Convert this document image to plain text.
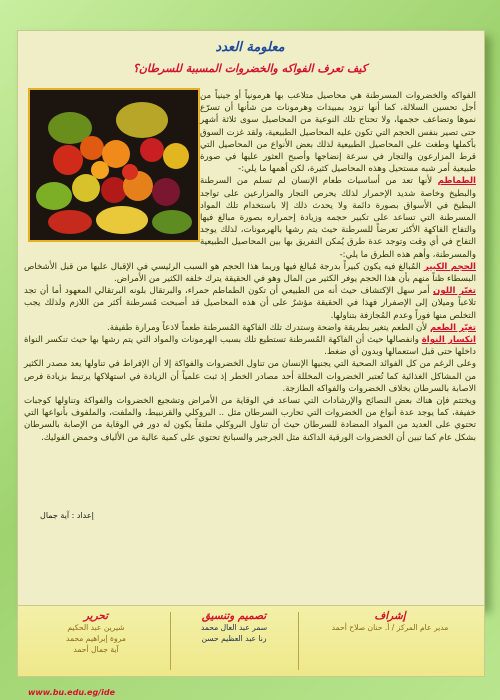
معلومة العدد
كيف تعرف الفواكه والخضروات المسببة للسرطان؟

الفواكه والخضروات المسرطنة هي محاصيل متلاعب بها هرمونياً أو جينياً من أجل تحسين السلالة، كما أنها تزود بمبيدات وهرمونات من شأنها أن تسرّع نموها وتضاعف حجمها، ولا تحتاج تلك النوعية من المحاصيل سوى ثلاثة أشهر حتى تصير بنفس الحجم التي تكون عليه المحاصيل الطبيعية، ولقد غزت السوق بأكملها وطغت على المحاصيل الطبيعية لذلك بعض الأنواع من المحاصيل التي قرط المزارعون والتجار في سرعة إنضاجها وأصبح العثور عليها في صورة طبيعية أمر شبه مستحيل وهذه المحاصيل كثيرة، لكن أهمها ما يلي:-

الطماطم لأنها تعد من أساسيات طعام الإنسان لم تسلم من السرطنة والبطيخ وخاصة شديد الإحمرار لذلك يحرص التجار والمزارعين على تواجد البطيخ في الأسواق بصورة دائمة ولا يحدث ذلك إلا باستخدام تلك المواد المسرطنة التي تساعد على تكبير حجمه وزيادة إحمراره بصورة مبالغ فيها والتفاح الفاكهة الأكثر تعرضاً للسرطنة حيث يتم رشها بالهرمونات، لذلك يوجد التفاح في أي وقت وتوجد عدة طرق يُمكن التفريق بها بين المحاصيل الطبيعية والمسرطنة، وأهم هذه الطرق ما يلي:-

الحجم الكبير المُبالغ فيه يكون كبيراً بدرجة مُبالغ فيها وربما هذا الحجم هو السبب الرئيسي في الإقبال عليها من قبل الأشخاص البسطاء ظناً منهم بأن هذا الحجم يوفر الكثير من المال وهو في الحقيقة يترك خلفه الكثير من الأمراض.

تغيّر اللون أمر سهل الإكتشاف حيث أنه من الطبيعي أن تكون الطماطم حمراء، والبرتقال بلونه البرتقالي المعهود أما أن تجد تلاعباً وميلان إلى الإصفرار فهذا في الحقيقة مؤشرٌ على أن هذه المحاصيل قد أصبحت مُسرطنة أكثر من اللازم ولذلك يجب التخلص منها فوراً وعدم المُجازفة بتناولها.

تغيّر الطعم لأن الطعم يتغير بطريقة واضحة وستدرك تلك الفاكهة المُسرطنة طعماً لاذعاً ومرارة طفيفة.

انكسار النواة وانفصالها حيث أن الفاكهة المُسرطنة تستطيع تلك بسبب الهرمونات والمواد التي يتم رشها بها حيث تنكسر النواة داخلها حتى قبل استعمالها وبدون أي ضغط.

وعلى الرغم من كل الفوائد الصحية التي يجنيها الإنسان من تناول الخضروات والفواكة إلا أن الإفراط في تناولها يعد مصدر الكثير من المشاكل الغذائية كما تُعتبر الخضروات المخللة أحد مصادر الخطر إذ ثبت علمياً أن الزيادة في استهلاكها يرتبط بزيادة فرص الاصابة بالسرطان بخلاف الخضروات والفواكه الطازجة.

ويختتم فإن هناك بعض النصائح والإرشادات التي تساعد في الوقاية من الأمراض وتشجيع الخضروات والفواكة وتناولها كوجبات خفيفة، كما يوجد عدة أنواع من الخضروات التي تحارب السرطان مثل .. البروكلي والقرنبيط، والملفت، والملفوف بأنواعها التي تحتوي على العديد من المواد المضادة للسرطان حيث أن تناول البروكلي ملتقاً يكون له دور في الوقاية من الإصابة بالسرطان بشكل عام كما تبين أن الخضروات الورقية الداكنة مثل الجرجير والسبانخ تحتوي على كمية عالية من الألياف وحمض الفوليك.

إعداد : آية جمال
تحرير
شيرين عبد الحكيم
مروة إبراهيم محمد
آية جمال أحمد
تصميم وتنسيق
سمر عبد العال محمد
رنا عبد العظيم حسن
إشراف
مدير عام المركز / أ. حنان صلاح أحمد
www.bu.edu.eg/ide
